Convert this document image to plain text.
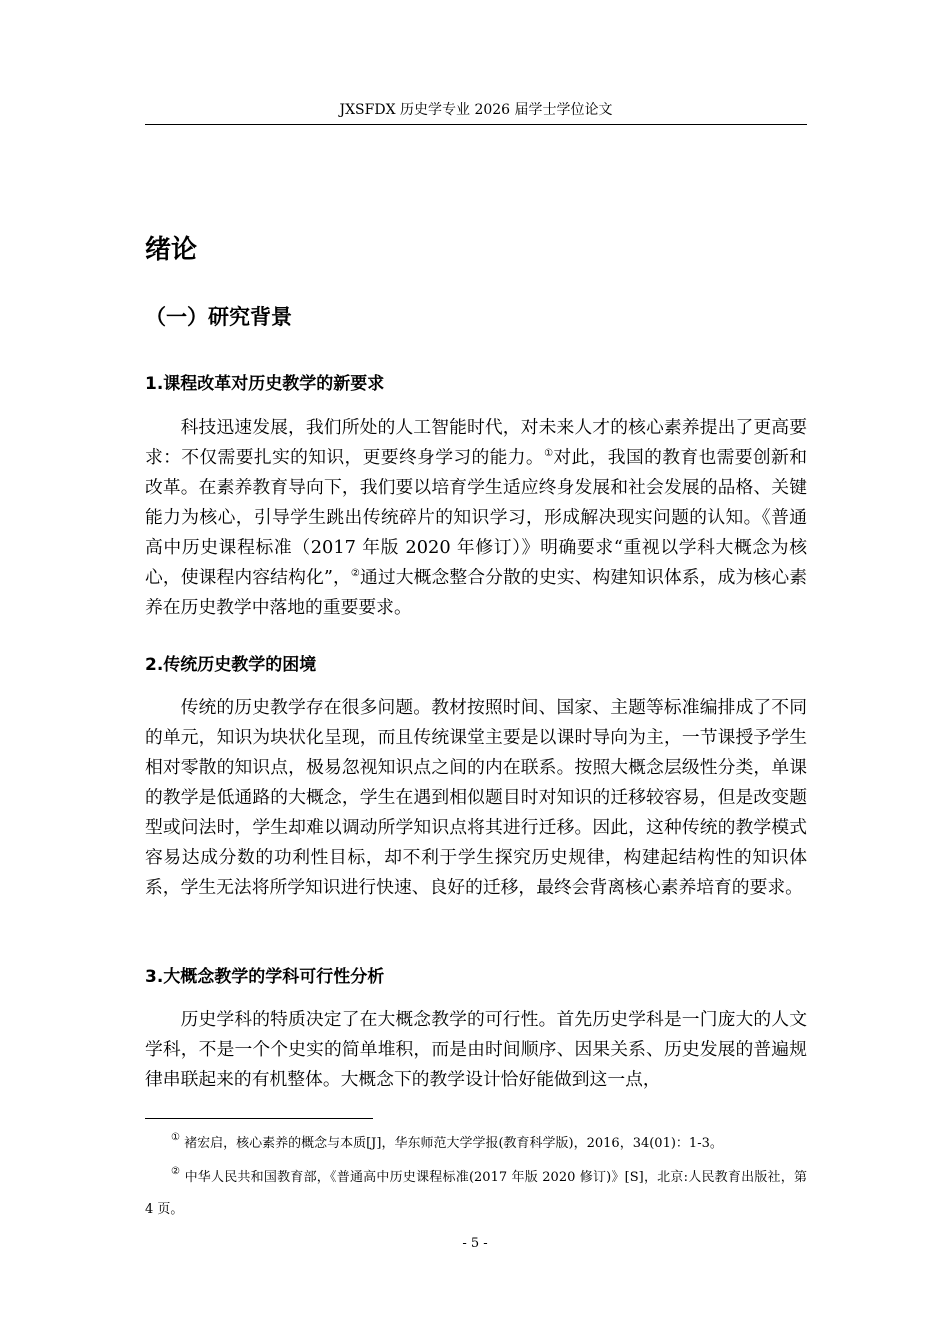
JXSFDX 历史学专业 2026 届学士学位论文
绪论
（一）研究背景
1.课程改革对历史教学的新要求

科技迅速发展，我们所处的人工智能时代，对未来人才的核心素养提出了更高要求：不仅需要扎实的知识，更要终身学习的能力。①对此，我国的教育也需要创新和改革。在素养教育导向下，我们要以培育学生适应终身发展和社会发展的品格、关键能力为核心，引导学生跳出传统碎片的知识学习，形成解决现实问题的认知。《普通高中历史课程标准（2017 年版 2020 年修订）》明确要求“重视以学科大概念为核心，使课程内容结构化”，②通过大概念整合分散的史实、构建知识体系，成为核心素养在历史教学中落地的重要要求。

2.传统历史教学的困境

传统的历史教学存在很多问题。教材按照时间、国家、主题等标准编排成了不同的单元，知识为块状化呈现，而且传统课堂主要是以课时导向为主，一节课授予学生相对零散的知识点，极易忽视知识点之间的内在联系。按照大概念层级性分类，单课的教学是低通路的大概念，学生在遇到相似题目时对知识的迁移较容易，但是改变题型或问法时，学生却难以调动所学知识点将其进行迁移。因此，这种传统的教学模式容易达成分数的功利性目标，却不利于学生探究历史规律，构建起结构性的知识体系，学生无法将所学知识进行快速、良好的迁移，最终会背离核心素养培育的要求。

3.大概念教学的学科可行性分析

历史学科的特质决定了在大概念教学的可行性。首先历史学科是一门庞大的人文学科，不是一个个史实的简单堆积，而是由时间顺序、因果关系、历史发展的普遍规律串联起来的有机整体。大概念下的教学设计恰好能做到这一点，

① 褚宏启，核心素养的概念与本质[J]，华东师范大学学报(教育科学版)，2016，34(01)：1-3。

② 中华人民共和国教育部，《普通高中历史课程标准(2017 年版 2020 修订)》[S]，北京:人民教育出版社，第 4 页。

- 5 -
